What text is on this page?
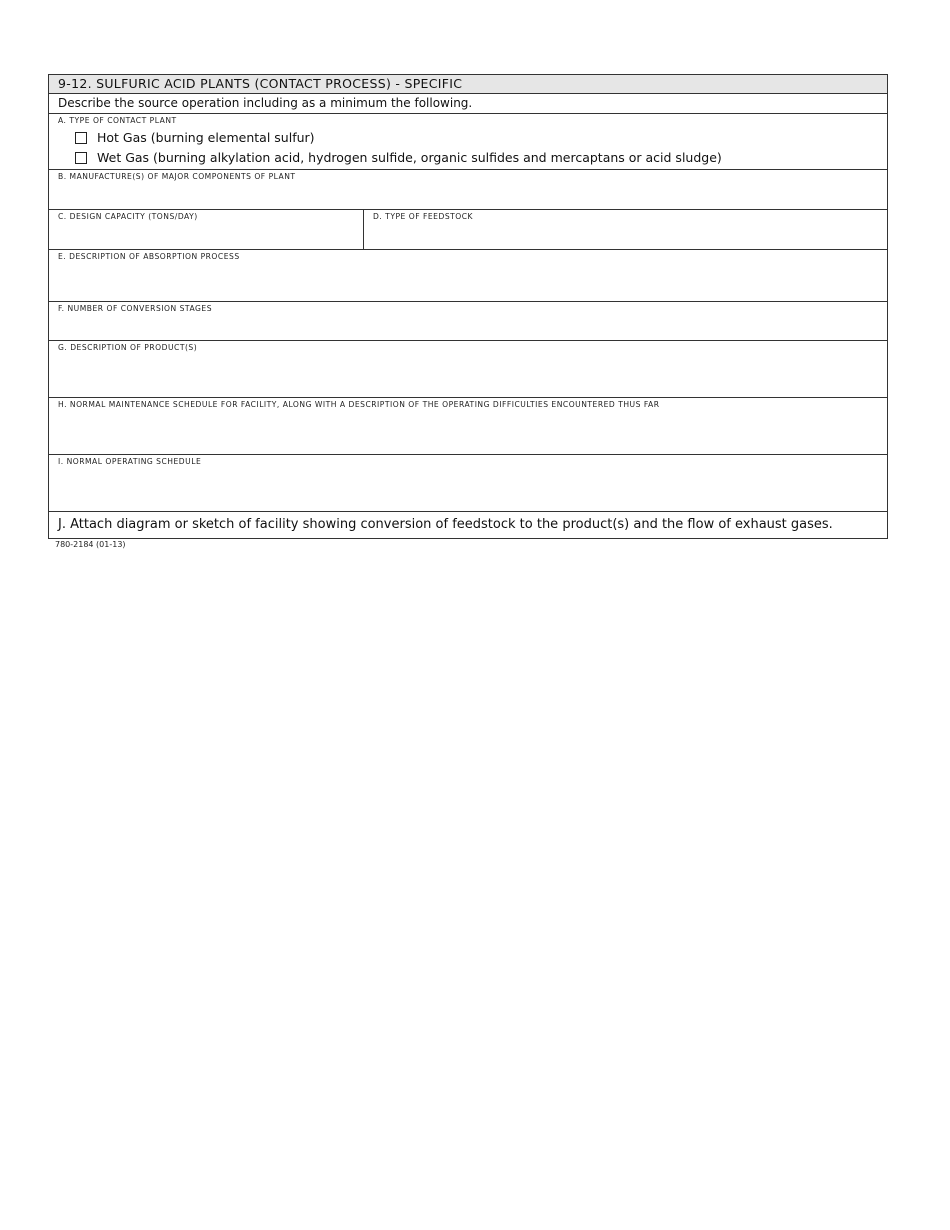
9-12. SULFURIC ACID PLANTS (CONTACT PROCESS) - SPECIFIC
Describe the source operation including as a minimum the following.
A. TYPE OF CONTACT PLANT
Hot Gas (burning elemental sulfur)
Wet Gas (burning alkylation acid, hydrogen sulfide, organic sulfides and mercaptans or acid sludge)
B. MANUFACTURE(S) OF MAJOR COMPONENTS OF PLANT
C. DESIGN CAPACITY (TONS/DAY)	D. TYPE OF FEEDSTOCK
E. DESCRIPTION OF ABSORPTION PROCESS
F. NUMBER OF CONVERSION STAGES
G. DESCRIPTION OF PRODUCT(S)
H. NORMAL MAINTENANCE SCHEDULE FOR FACILITY, ALONG WITH A DESCRIPTION OF THE OPERATING DIFFICULTIES ENCOUNTERED THUS FAR
I. NORMAL OPERATING SCHEDULE
J. Attach diagram or sketch of facility showing conversion of feedstock to the product(s) and the flow of exhaust gases.
780-2184 (01-13)
